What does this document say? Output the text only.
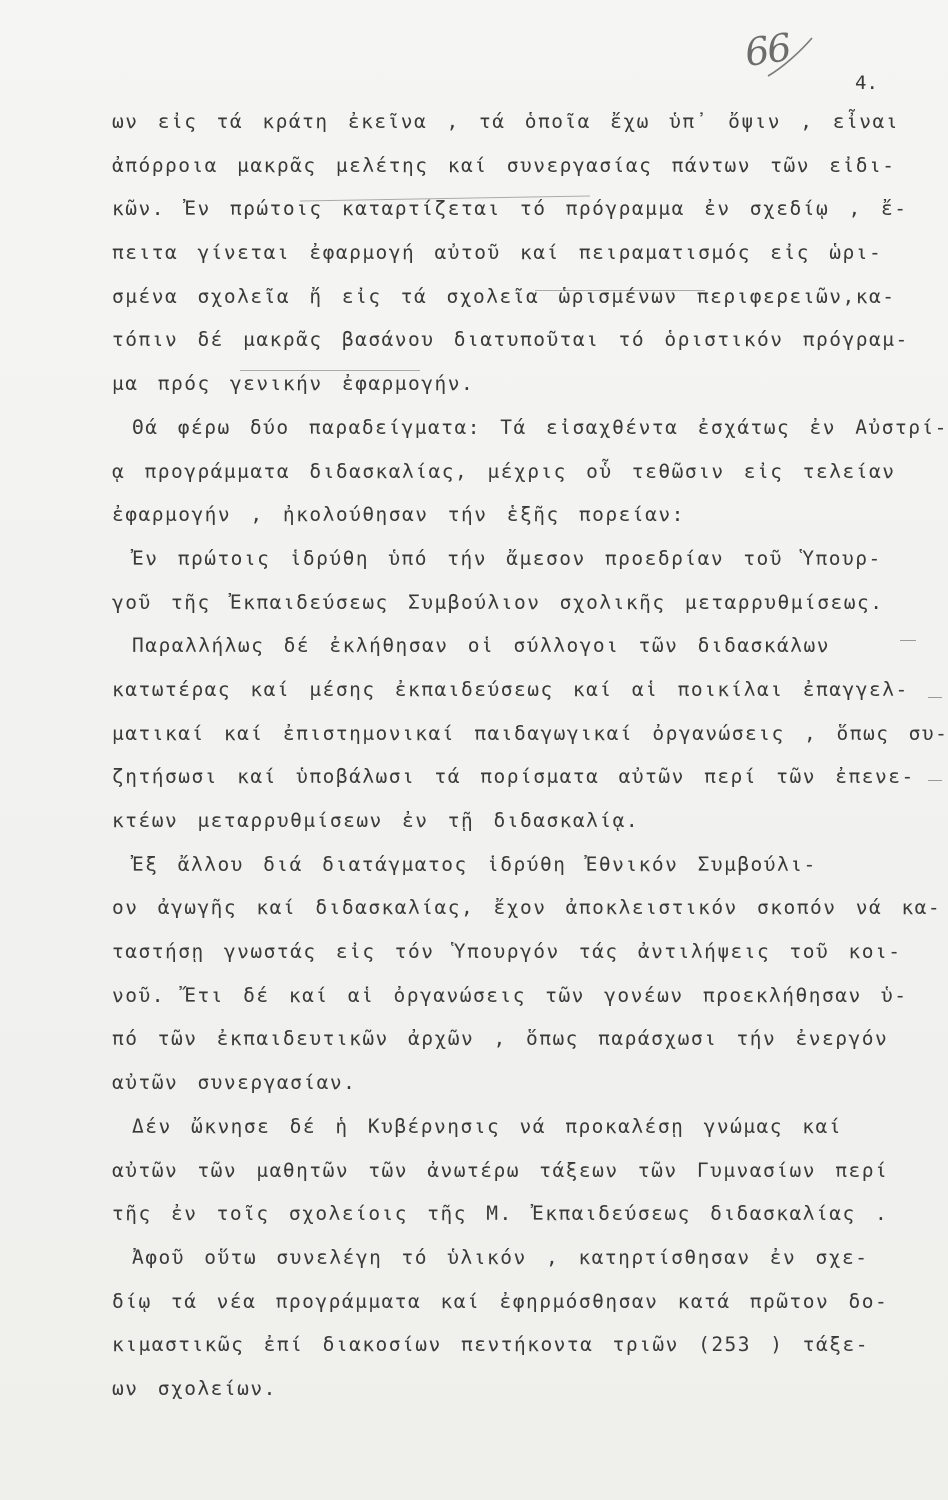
66
4.
ων εἰς τά κράτη ἐκεῖνα , τά ὁποῖα ἔχω ὑπ᾽ ὄψιν , εἶναι
ἀπόρροια μακρᾶς μελέτης καί συνεργασίας πάντων τῶν εἰδι-
κῶν. Ἐν πρώτοις καταρτίζεται τό πρόγραμμα ἐν σχεδίῳ , ἔ-
πειτα γίνεται ἐφαρμογή αὐτοῦ καί πειραματισμός εἰς ὡρι-
σμένα σχολεῖα ἤ εἰς τά σχολεῖα ὡρισμένων περιφερειῶν,κα-
τόπιν δέ μακρᾶς βασάνου διατυποῦται τό ὁριστικόν πρόγραμ-
μα πρός γενικήν ἐφαρμογήν.
Θά φέρω δύο παραδείγματα: Τά εἰσαχθέντα ἐσχάτως ἐν Αὐστρί-
ᾳ προγράμματα διδασκαλίας, μέχρις οὗ τεθῶσιν εἰς τελείαν
ἐφαρμογήν , ἠκολούθησαν τήν ἑξῆς πορείαν:
Ἐν πρώτοις ἱδρύθη ὑπό τήν ἄμεσον προεδρίαν τοῦ Ὑπουρ-
γοῦ τῆς Ἐκπαιδεύσεως Συμβούλιον σχολικῆς μεταρρυθμίσεως.
Παραλλήλως δέ ἐκλήθησαν οἱ σύλλογοι τῶν διδασκάλων
κατωτέρας καί μέσης ἐκπαιδεύσεως καί αἱ ποικίλαι ἐπαγγελ-
ματικαί καί ἐπιστημονικαί παιδαγωγικαί ὀργανώσεις , ὅπως συ-
ζητήσωσι καί ὑποβάλωσι τά πορίσματα αὐτῶν περί τῶν ἐπενε-
κτέων μεταρρυθμίσεων ἐν τῇ διδασκαλίᾳ.
Ἐξ ἄλλου διά διατάγματος ἱδρύθη Ἐθνικόν Συμβούλι-
ον ἀγωγῆς καί διδασκαλίας, ἔχον ἀποκλειστικόν σκοπόν νά κα-
ταστήσῃ γνωστάς εἰς τόν Ὑπουργόν τάς ἀντιλήψεις τοῦ κοι-
νοῦ. Ἔτι δέ καί αἱ ὀργανώσεις τῶν γονέων προεκλήθησαν ὑ-
πό τῶν ἐκπαιδευτικῶν ἀρχῶν , ὅπως παράσχωσι τήν ἐνεργόν
αὐτῶν συνεργασίαν.
Δέν ὤκνησε δέ ἡ Κυβέρνησις νά προκαλέσῃ γνώμας καί
αὐτῶν τῶν μαθητῶν τῶν ἀνωτέρω τάξεων τῶν Γυμνασίων περί
τῆς ἐν τοῖς σχολείοις τῆς Μ. Ἐκπαιδεύσεως διδασκαλίας .
Ἀφοῦ οὕτω συνελέγη τό ὑλικόν , κατηρτίσθησαν ἐν σχε-
δίῳ τά νέα προγράμματα καί ἐφηρμόσθησαν κατά πρῶτον δο-
κιμαστικῶς ἐπί διακοσίων πεντήκοντα τριῶν (253 ) τάξε-
ων σχολείων.
